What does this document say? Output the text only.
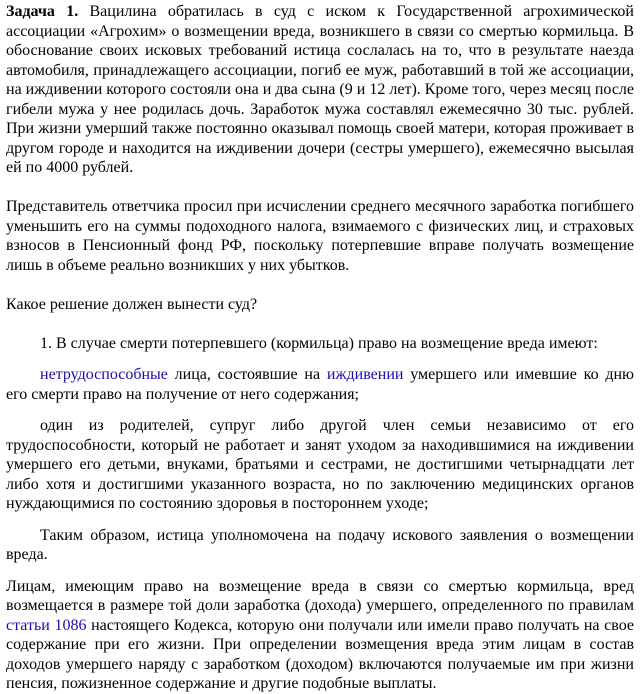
Задача 1. Вацилина обратилась в суд с иском к Государственной агрохимической ассоциации «Агрохим» о возмещении вреда, возникшего в связи со смертью кормильца. В обоснование своих исковых требований истица сослалась на то, что в результате наезда автомобиля, принадлежащего ассоциации, погиб ее муж, работавший в той же ассоциации, на иждивении которого состояли она и два сына (9 и 12 лет). Кроме того, через месяц после гибели мужа у нее родилась дочь. Заработок мужа составлял ежемесячно 30 тыс. рублей. При жизни умерший также постоянно оказывал помощь своей матери, которая проживает в другом городе и находится на иждивении дочери (сестры умершего), ежемесячно высылая ей по 4000 рублей.

Представитель ответчика просил при исчислении среднего месячного заработка погибшего уменьшить его на суммы подоходного налога, взимаемого с физических лиц, и страховых взносов в Пенсионный фонд РФ, поскольку потерпевшие вправе получать возмещение лишь в объеме реально возникших у них убытков.

Какое решение должен вынести суд?

1. В случае смерти потерпевшего (кормильца) право на возмещение вреда имеют:

нетрудоспособные лица, состоявшие на иждивении умершего или имевшие ко дню его смерти право на получение от него содержания;

один из родителей, супруг либо другой член семьи независимо от его трудоспособности, который не работает и занят уходом за находившимися на иждивении умершего его детьми, внуками, братьями и сестрами, не достигшими четырнадцати лет либо хотя и достигшими указанного возраста, но по заключению медицинских органов нуждающимися по состоянию здоровья в постороннем уходе;

Таким образом, истица уполномочена на подачу искового заявления о возмещении вреда.

Лицам, имеющим право на возмещение вреда в связи со смертью кормильца, вред возмещается в размере той доли заработка (дохода) умершего, определенного по правилам статьи 1086 настоящего Кодекса, которую они получали или имели право получать на свое содержание при его жизни. При определении возмещения вреда этим лицам в состав доходов умершего наряду с заработком (доходом) включаются получаемые им при жизни пенсия, пожизненное содержание и другие подобные выплаты.
